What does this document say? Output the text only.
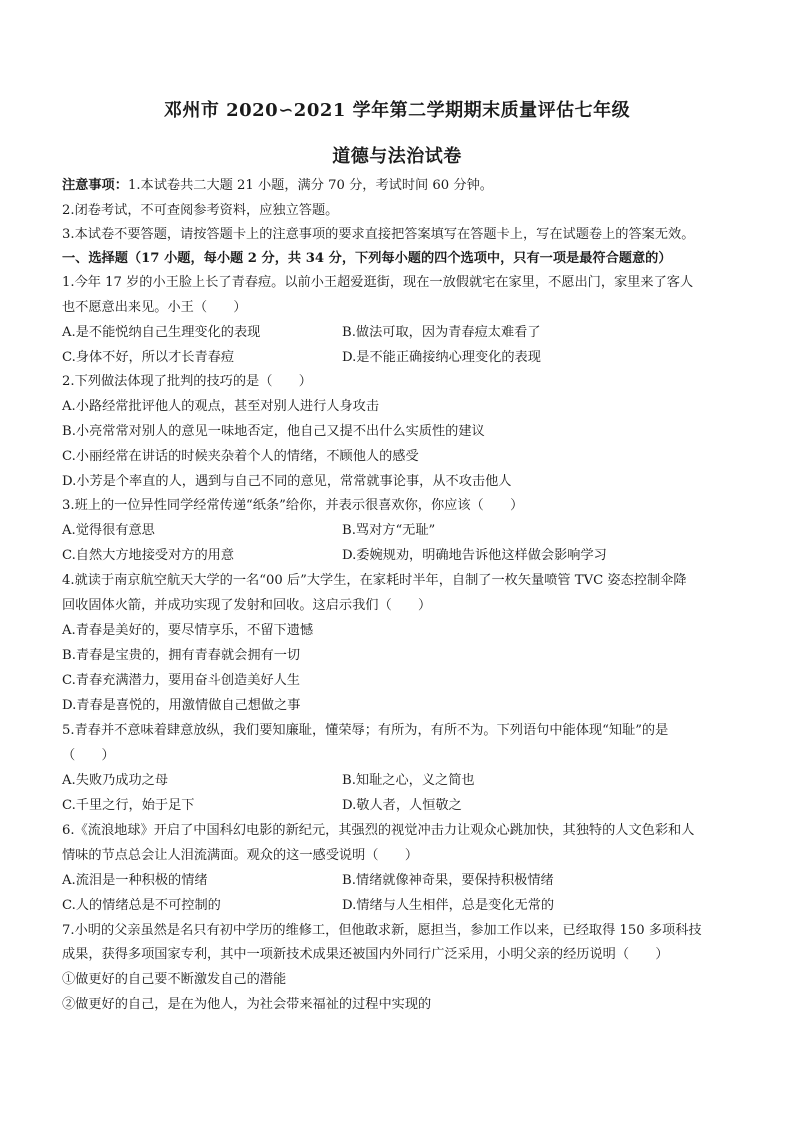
邓州市 2020∽2021 学年第二学期期末质量评估七年级
道德与法治试卷
注意事项：1.本试卷共二大题 21 小题，满分 70 分，考试时间 60 分钟。
2.闭卷考试，不可查阅参考资料，应独立答题。
3.本试卷不要答题，请按答题卡上的注意事项的要求直接把答案填写在答题卡上，写在试题卷上的答案无效。
一、选择题（17 小题，每小题 2 分，共 34 分，下列每小题的四个选项中，只有一项是最符合题意的）
1.今年 17 岁的小王脸上长了青春痘。以前小王超爱逛街，现在一放假就宅在家里，不愿出门，家里来了客人
也不愿意出来见。小王（　　）
A.是不能悦纳自己生理变化的表现	B.做法可取，因为青春痘太难看了
C.身体不好，所以才长青春痘	D.是不能正确接纳心理变化的表现
2.下列做法体现了批判的技巧的是（　　）
A.小路经常批评他人的观点，甚至对别人进行人身攻击
B.小亮常常对别人的意见一味地否定，他自己又提不出什么实质性的建议
C.小丽经常在讲话的时候夹杂着个人的情绪，不顾他人的感受
D.小芳是个率直的人，遇到与自己不同的意见，常常就事论事，从不攻击他人
3.班上的一位异性同学经常传递“纸条”给你，并表示很喜欢你，你应该（　　）
A.觉得很有意思	B.骂对方“无耻”
C.自然大方地接受对方的用意	D.委婉规劝，明确地告诉他这样做会影响学习
4.就读于南京航空航天大学的一名“00 后”大学生，在家耗时半年，自制了一枚矢量喷管 TVC 姿态控制伞降
回收固体火箭，并成功实现了发射和回收。这启示我们（　　）
A.青春是美好的，要尽情享乐，不留下遗憾
B.青春是宝贵的，拥有青春就会拥有一切
C.青春充满潜力，要用奋斗创造美好人生
D.青春是喜悦的，用激情做自己想做之事
5.青春并不意味着肆意放纵，我们要知廉耻，懂荣辱；有所为，有所不为。下列语句中能体现“知耻”的是
（　　）
A.失败乃成功之母	B.知耻之心，义之简也
C.千里之行，始于足下	D.敬人者，人恒敬之
6.《流浪地球》开启了中国科幻电影的新纪元，其强烈的视觉冲击力让观众心跳加快，其独特的人文色彩和人
情味的节点总会让人泪流满面。观众的这一感受说明（　　）
A.流泪是一种积极的情绪	B.情绪就像神奇果，要保持积极情绪
C.人的情绪总是不可控制的	D.情绪与人生相伴，总是变化无常的
7.小明的父亲虽然是名只有初中学历的维修工，但他敢求新，愿担当，参加工作以来，已经取得 150 多项科技
成果，获得多项国家专利，其中一项新技术成果还被国内外同行广泛采用，小明父亲的经历说明（　　）
①做更好的自己要不断激发自己的潜能
②做更好的自己，是在为他人，为社会带来福祉的过程中实现的
